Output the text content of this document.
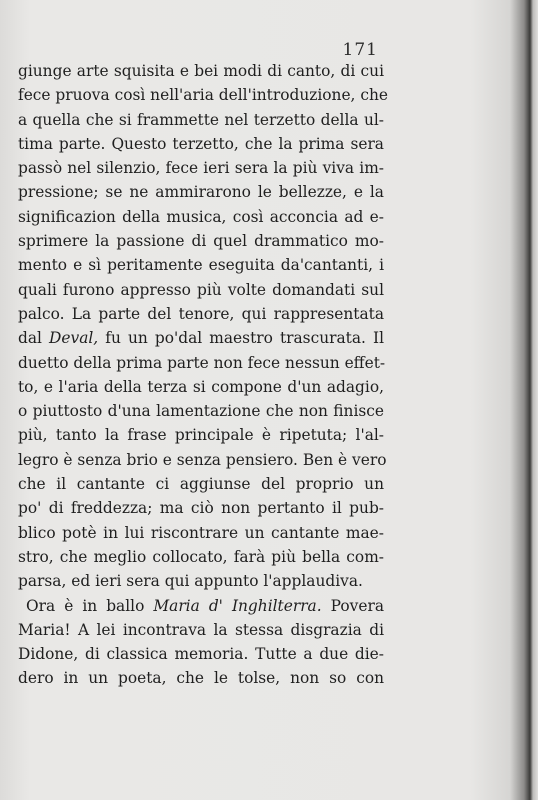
171
giunge arte squisita e bei modi di canto, di cui
fece pruova così nell'aria dell'introduzione, che
a quella che si frammette nel terzetto della ul-
tima parte. Questo terzetto, che la prima sera
passò nel silenzio, fece ieri sera la più viva im-
pressione; se ne ammirarono le bellezze, e la
significazion della musica, così acconcia ad e-
sprimere la passione di quel drammatico mo-
mento e sì peritamente eseguita da'cantanti, i
quali furono appresso più volte domandati sul
palco. La parte del tenore, qui rappresentata
dal Deval, fu un po'dal maestro trascurata. Il
duetto della prima parte non fece nessun effet-
to, e l'aria della terza si compone d'un adagio,
o piuttosto d'una lamentazione che non finisce
più, tanto la frase principale è ripetuta; l'al-
legro è senza brio e senza pensiero. Ben è vero
che il cantante ci aggiunse del proprio un
po' di freddezza; ma ciò non pertanto il pub-
blico potè in lui riscontrare un cantante mae-
stro, che meglio collocato, farà più bella com-
parsa, ed ieri sera qui appunto l'applaudiva.
Ora è in ballo Maria d' Inghilterra. Povera
Maria! A lei incontrava la stessa disgrazia di
Didone, di classica memoria. Tutte a due die-
dero in un poeta, che le tolse, non so con
